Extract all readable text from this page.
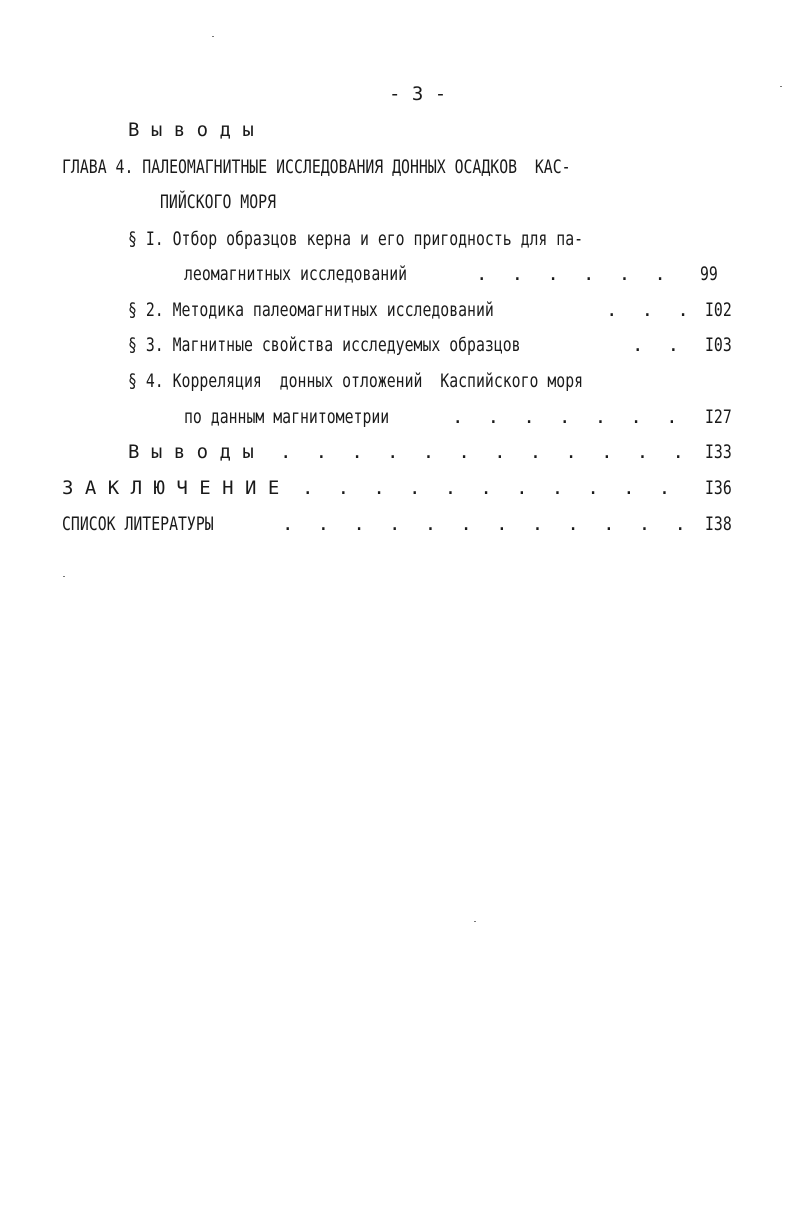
- 3 -
В ы в о д ы
ГЛАВА 4. ПАЛЕОМАГНИТНЫЕ ИССЛЕДОВАНИЯ ДОННЫХ ОСАДКОВ  КАС-
ПИЙСКОГО МОРЯ
§ I. Отбор образцов керна и его пригодность для па-
леомагнитных исследований . . .	99
§ 2. Методика палеомагнитных исследований . . .	I02
§ 3. Магнитные свойства исследуемых образцов . . .	I03
§ 4. Корреляция  донных отложений  Каспийского моря
по данным магнитометрии . . .	I27
В ы в о д ы . . .	I33
З А К Л Ю Ч Е Н И Е . . .	I36
СПИСОК ЛИТЕРАТУРЫ . . .	I38
